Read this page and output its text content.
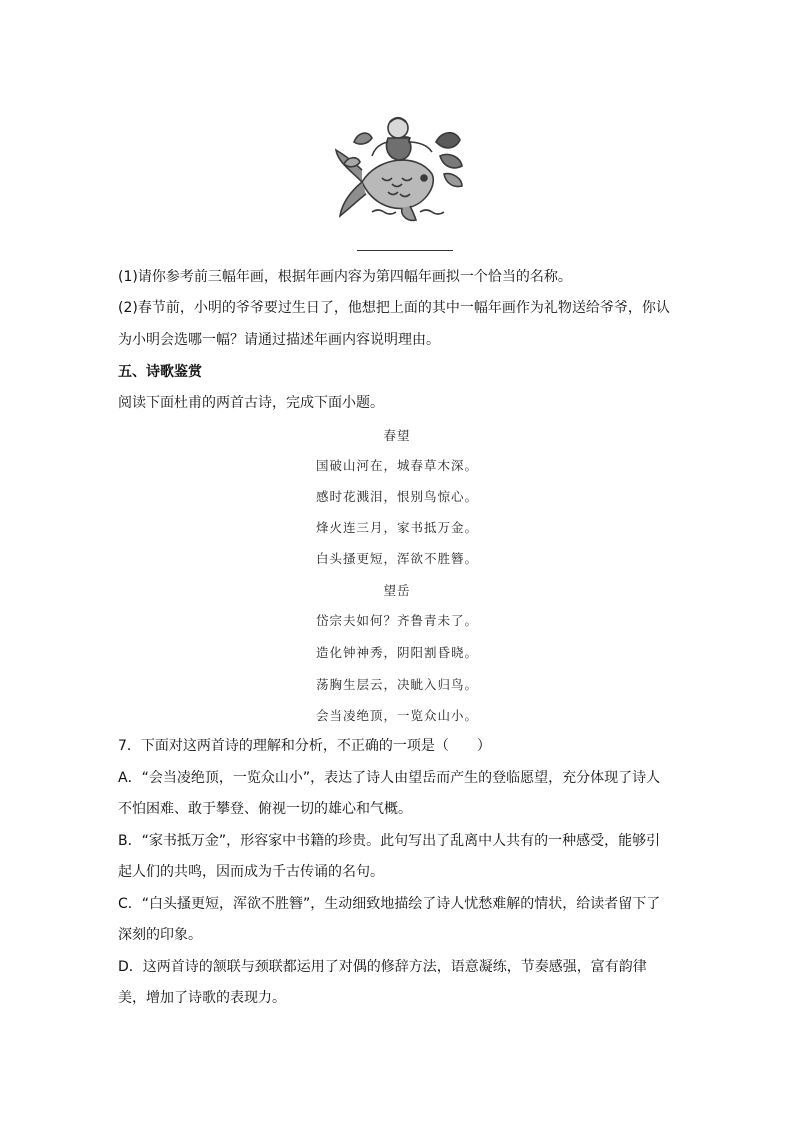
(1)请你参考前三幅年画，根据年画内容为第四幅年画拟一个恰当的名称。
(2)春节前，小明的爷爷要过生日了，他想把上面的其中一幅年画作为礼物送给爷爷，你认
为小明会选哪一幅？请通过描述年画内容说明理由。
五、诗歌鉴赏
阅读下面杜甫的两首古诗，完成下面小题。
春望
国破山河在，城春草木深。
感时花溅泪，恨别鸟惊心。
烽火连三月，家书抵万金。
白头搔更短，浑欲不胜簪。
望岳
岱宗夫如何？齐鲁青未了。
造化钟神秀，阴阳割昏晓。
荡胸生层云，决眦入归鸟。
会当凌绝顶，一览众山小。
7．下面对这两首诗的理解和分析，不正确的一项是（　　）
A．“会当凌绝顶，一览众山小”，表达了诗人由望岳而产生的登临愿望，充分体现了诗人
不怕困难、敢于攀登、俯视一切的雄心和气概。
B．“家书抵万金”，形容家中书籍的珍贵。此句写出了乱离中人共有的一种感受，能够引
起人们的共鸣，因而成为千古传诵的名句。
C．“白头搔更短，浑欲不胜簪”，生动细致地描绘了诗人忧愁难解的情状，给读者留下了
深刻的印象。
D．这两首诗的颔联与颈联都运用了对偶的修辞方法，语意凝练，节奏感强，富有韵律
美，增加了诗歌的表现力。
